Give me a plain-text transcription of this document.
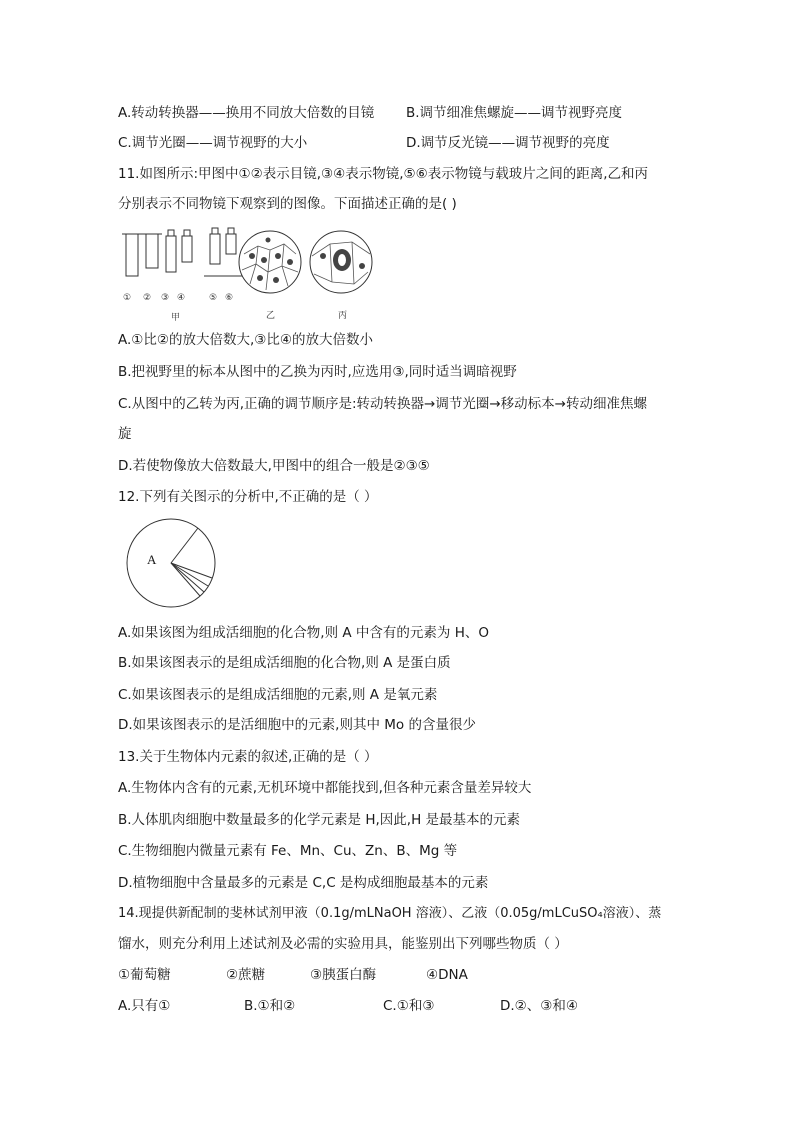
A.转动转换器——换用不同放大倍数的目镜 B.调节细准焦螺旋——调节视野亮度
C.调节光圈——调节视野的大小	D.调节反光镜——调节视野的亮度
11.如图所示:甲图中①②表示目镜,③④表示物镜,⑤⑥表示物镜与载玻片之间的距离,乙和丙
分别表示不同物镜下观察到的图像。下面描述正确的是( )
① ② ③ ④	⑤ ⑥
甲	乙	丙
A.①比②的放大倍数大,③比④的放大倍数小
B.把视野里的标本从图中的乙换为丙时,应选用③,同时适当调暗视野
C.从图中的乙转为丙,正确的调节顺序是:转动转换器→调节光圈→移动标本→转动细准焦螺
旋
D.若使物像放大倍数最大,甲图中的组合一般是②③⑤
12.下列有关图示的分析中,不正确的是（ ）
A
A.如果该图为组成活细胞的化合物,则 A 中含有的元素为 H、O
B.如果该图表示的是组成活细胞的化合物,则 A 是蛋白质
C.如果该图表示的是组成活细胞的元素,则 A 是氧元素
D.如果该图表示的是活细胞中的元素,则其中 Mo 的含量很少
13.关于生物体内元素的叙述,正确的是（ ）
A.生物体内含有的元素,无机环境中都能找到,但各种元素含量差异较大
B.人体肌肉细胞中数量最多的化学元素是 H,因此,H 是最基本的元素
C.生物细胞内微量元素有 Fe、Mn、Cu、Zn、B、Mg 等
D.植物细胞中含量最多的元素是 C,C 是构成细胞最基本的元素
14.现提供新配制的斐林试剂甲液（0.1g/mLNaOH 溶液）、乙液（0.05g/mLCuSO₄溶液）、蒸
馏水，则充分利用上述试剂及必需的实验用具，能鉴别出下列哪些物质（ ）
①葡萄糖	②蔗糖	③胰蛋白酶	④DNA
A.只有①	B.①和②	C.①和③	D.②、③和④
